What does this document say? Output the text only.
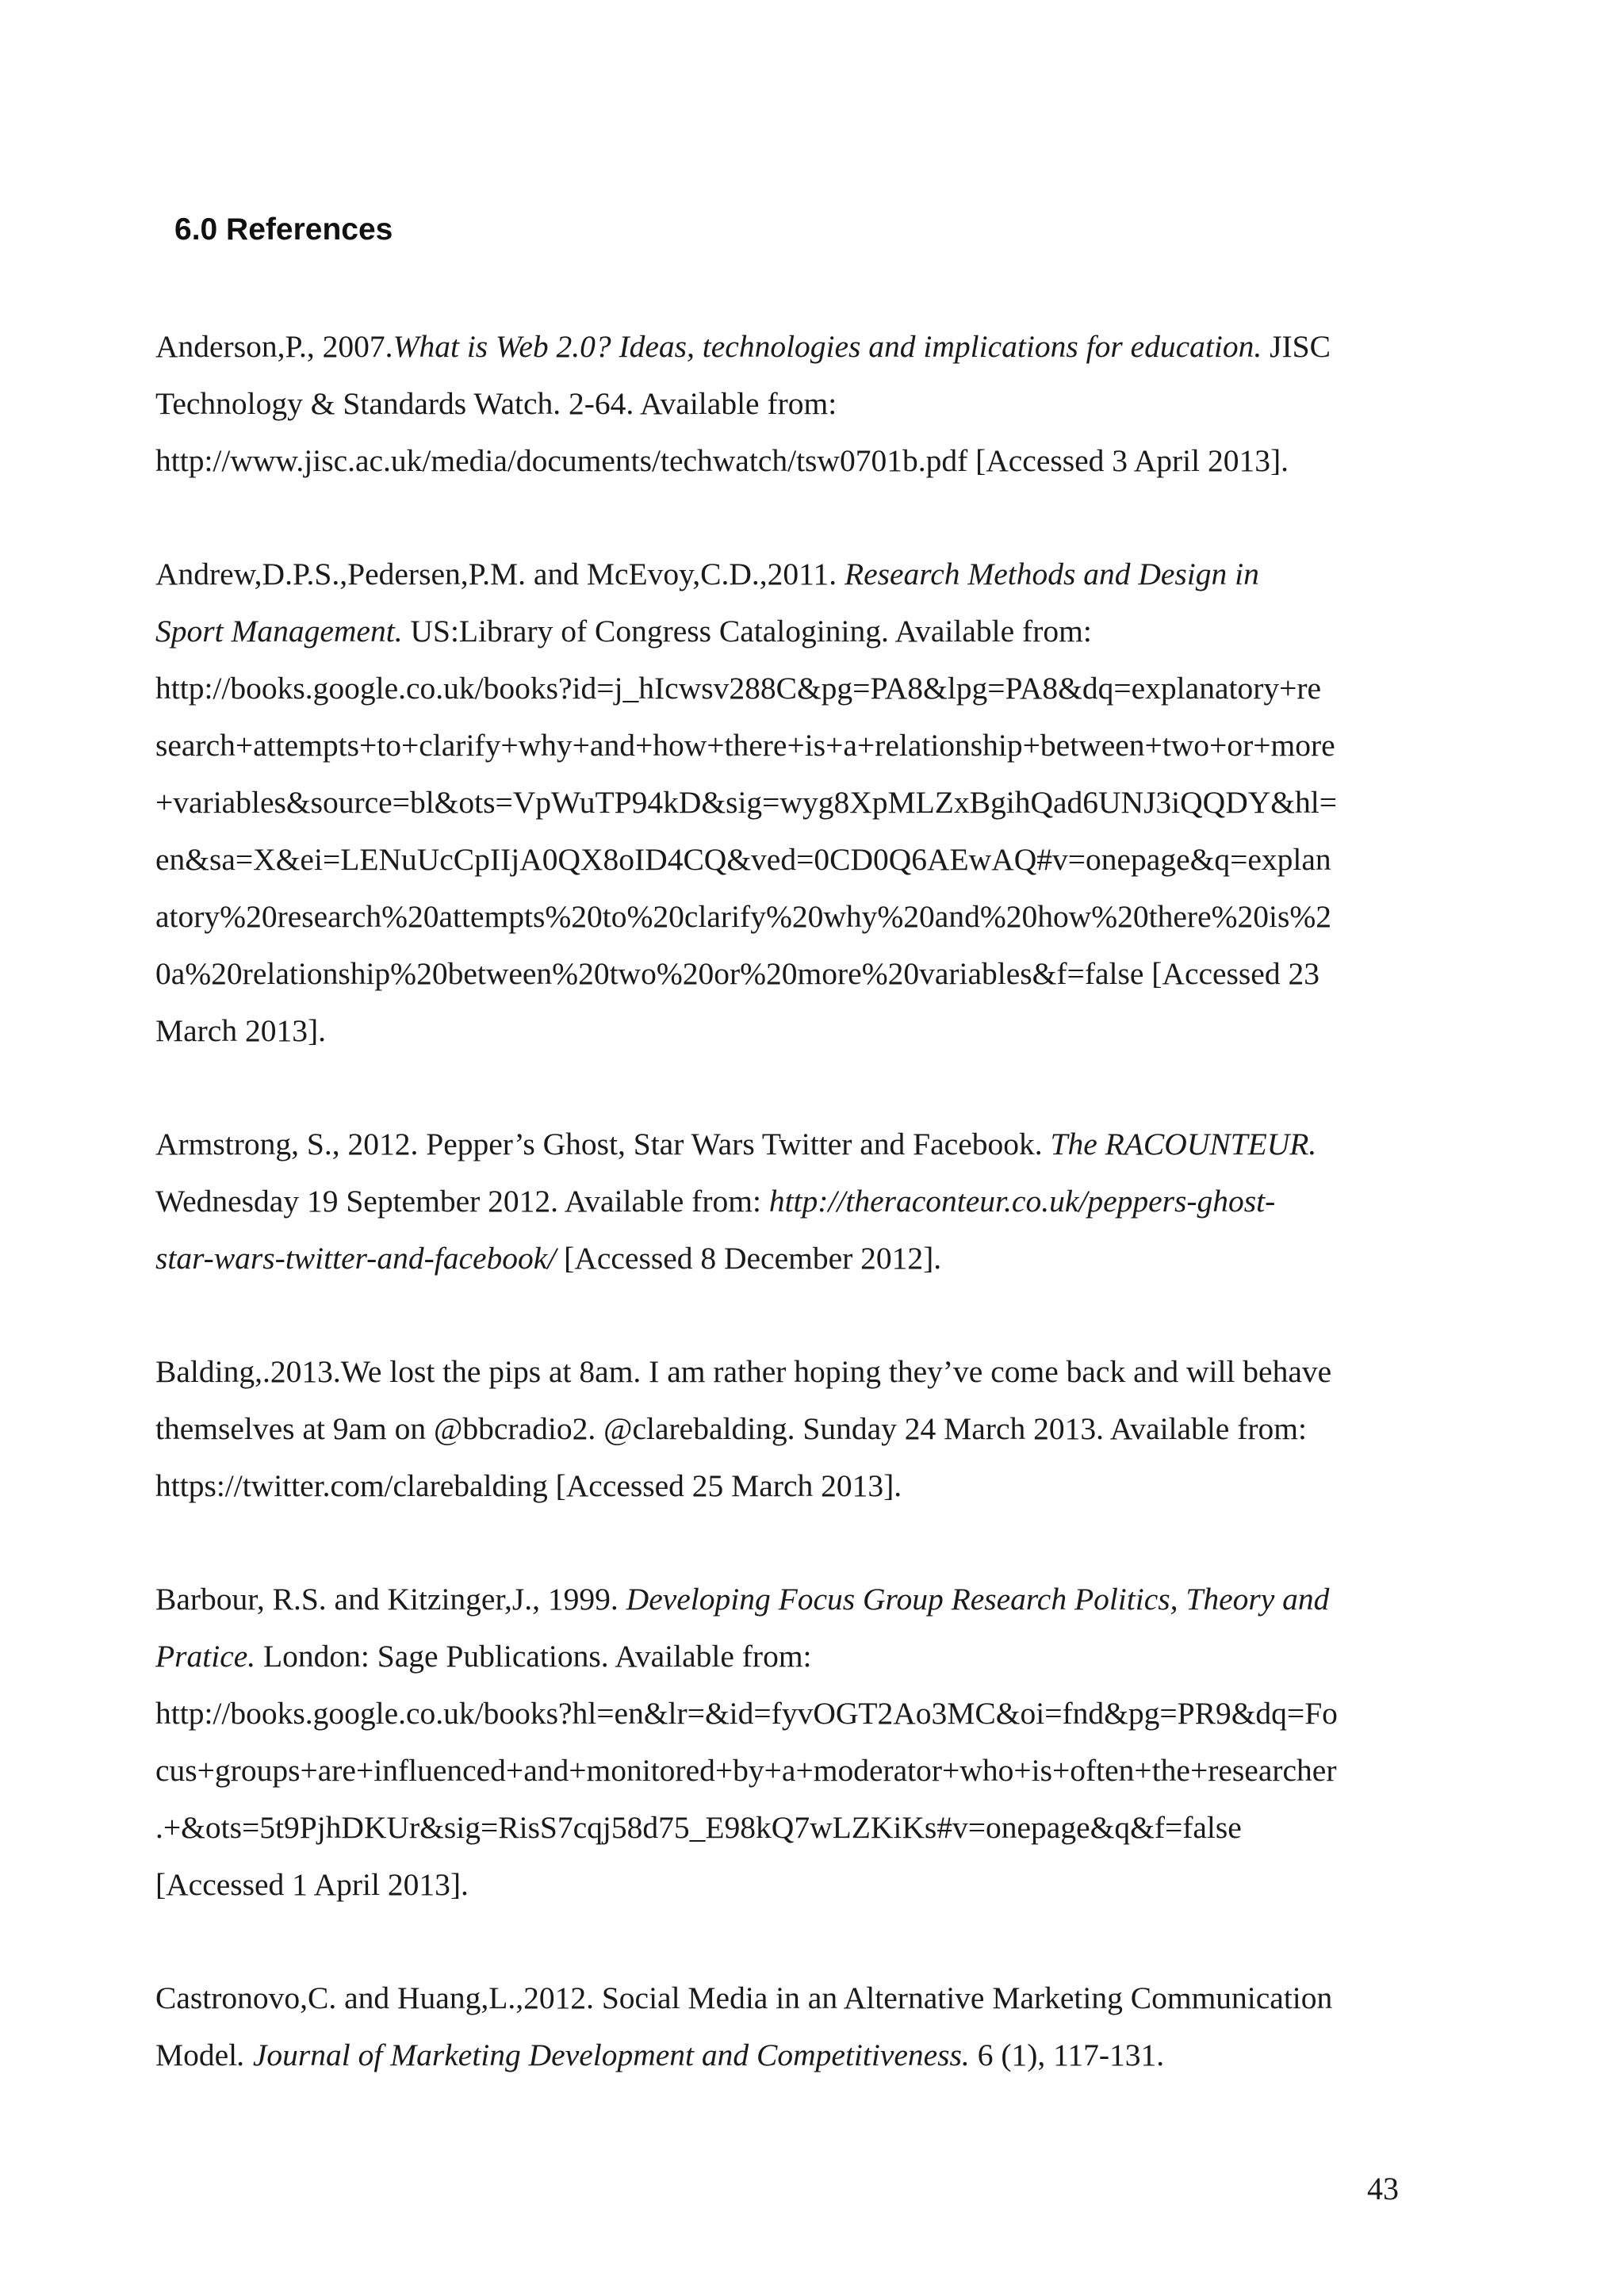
6.0 References

Anderson,P., 2007.What is Web 2.0? Ideas, technologies and implications for education. JISC
Technology & Standards Watch. 2-64. Available from:
http://www.jisc.ac.uk/media/documents/techwatch/tsw0701b.pdf [Accessed 3 April 2013].

Andrew,D.P.S.,Pedersen,P.M. and McEvoy,C.D.,2011. Research Methods and Design in
Sport Management. US:Library of Congress Catalogining. Available from:
http://books.google.co.uk/books?id=j_hIcwsv288C&pg=PA8&lpg=PA8&dq=explanatory+re
search+attempts+to+clarify+why+and+how+there+is+a+relationship+between+two+or+more
+variables&source=bl&ots=VpWuTP94kD&sig=wyg8XpMLZxBgihQad6UNJ3iQQDY&hl=
en&sa=X&ei=LENuUcCpIIjA0QX8oID4CQ&ved=0CD0Q6AEwAQ#v=onepage&q=explan
atory%20research%20attempts%20to%20clarify%20why%20and%20how%20there%20is%2
0a%20relationship%20between%20two%20or%20more%20variables&f=false [Accessed 23
March 2013].

Armstrong, S., 2012. Pepper’s Ghost, Star Wars Twitter and Facebook. The RACOUNTEUR.
Wednesday 19 September 2012. Available from: http://theraconteur.co.uk/peppers-ghost-
star-wars-twitter-and-facebook/ [Accessed 8 December 2012].

Balding,.2013.We lost the pips at 8am. I am rather hoping they’ve come back and will behave
themselves at 9am on @bbcradio2. @clarebalding. Sunday 24 March 2013. Available from:
https://twitter.com/clarebalding [Accessed 25 March 2013].

Barbour, R.S. and Kitzinger,J., 1999. Developing Focus Group Research Politics, Theory and
Pratice. London: Sage Publications. Available from:
http://books.google.co.uk/books?hl=en&lr=&id=fyvOGT2Ao3MC&oi=fnd&pg=PR9&dq=Fo
cus+groups+are+influenced+and+monitored+by+a+moderator+who+is+often+the+researcher
.+&ots=5t9PjhDKUr&sig=RisS7cqj58d75_E98kQ7wLZKiKs#v=onepage&q&f=false
[Accessed 1 April 2013].

Castronovo,C. and Huang,L.,2012. Social Media in an Alternative Marketing Communication
Model. Journal of Marketing Development and Competitiveness. 6 (1), 117-131.

43
